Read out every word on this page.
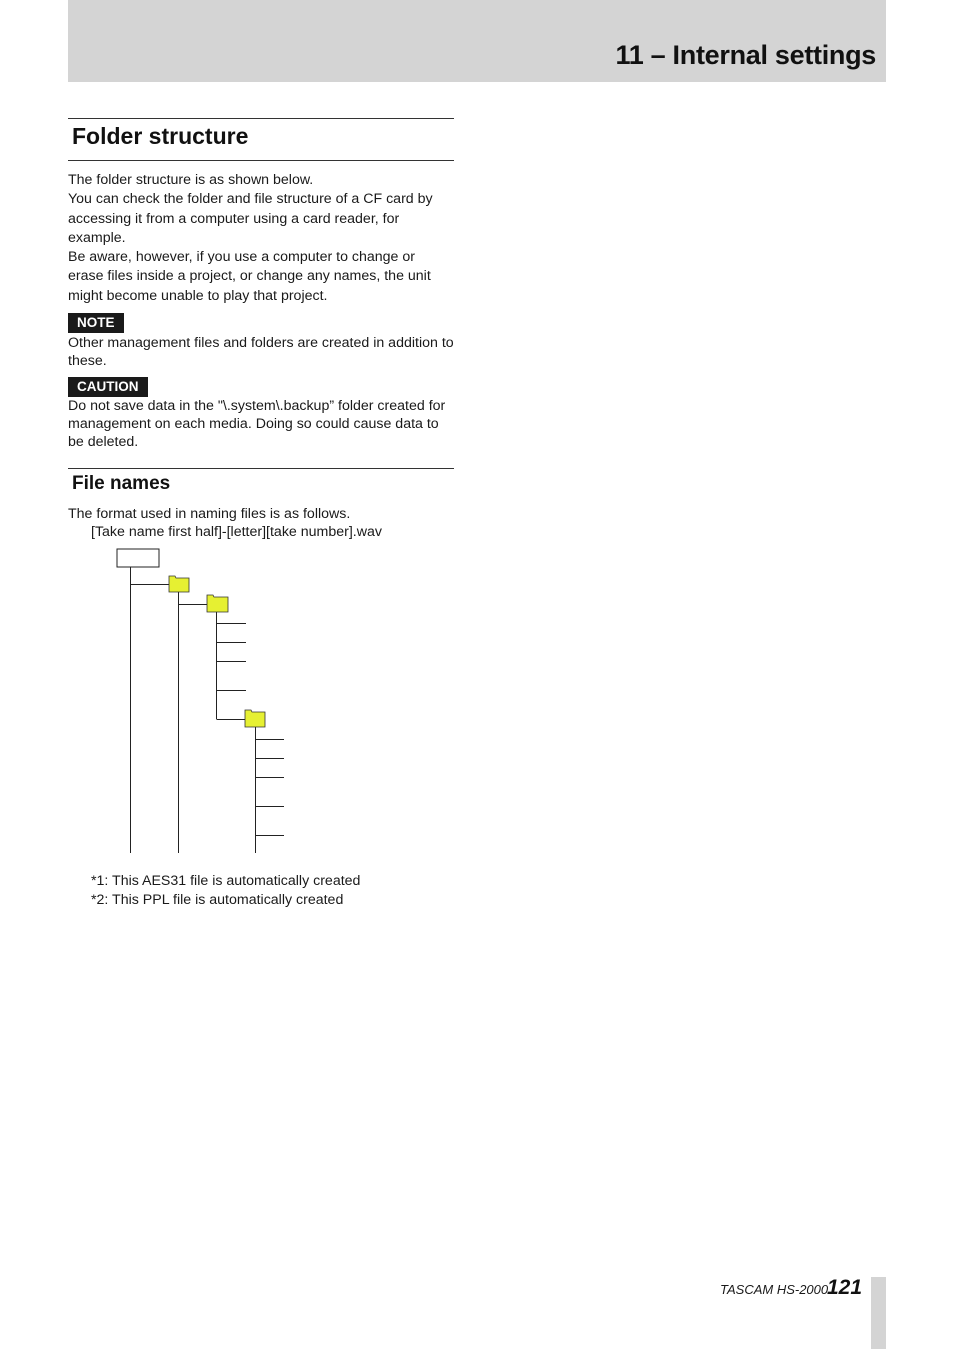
11 – Internal settings
Folder structure

The folder structure is as shown below.

You can check the folder and file structure of a CF card by accessing it from a computer using a card reader, for example.

Be aware, however, if you use a computer to change or erase files inside a project, or change any names, the unit might become unable to play that project.

NOTE

Other management files and folders are created in addition to these.

CAUTION

Do not save data in the "\.system\.backup” folder created for management on each media. Doing so could cause data to be deleted.

File names

The format used in naming files is as follows.

[Take name first half]-[letter][take number].wav

*1: This AES31 file is automatically created

*2: This PPL file is automatically created

TASCAM HS-2000

121
